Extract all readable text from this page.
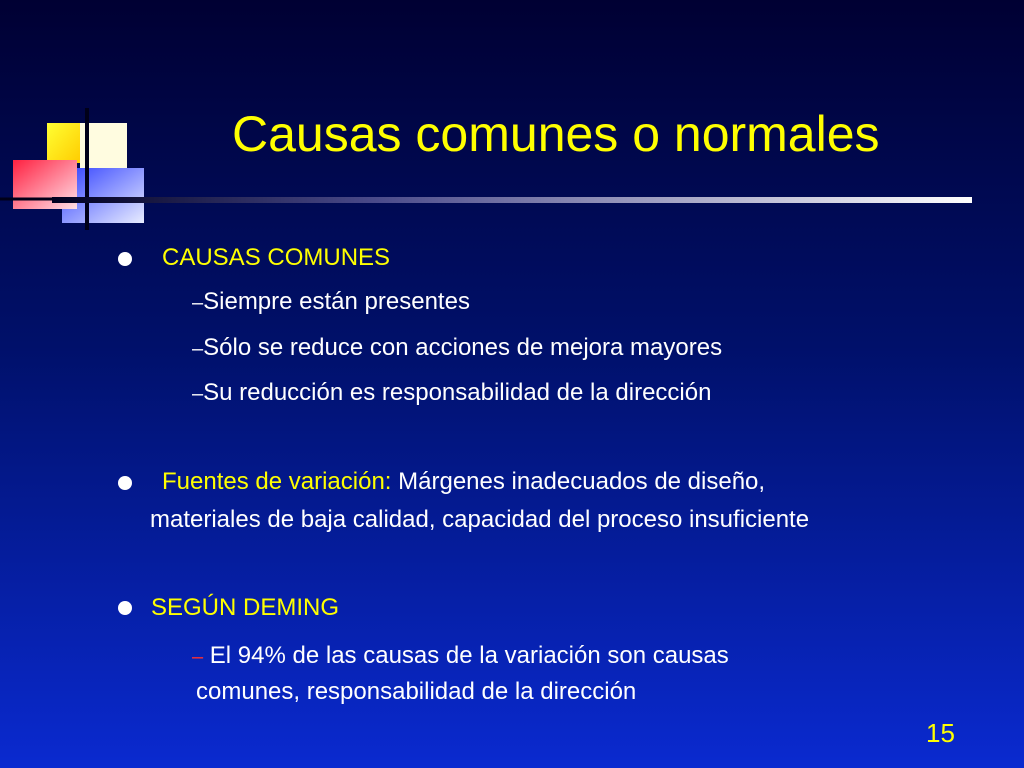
Causas comunes o normales
CAUSAS COMUNES
–Siempre están presentes
–Sólo se reduce con acciones de mejora mayores
–Su reducción es responsabilidad de la dirección
Fuentes de variación: Márgenes inadecuados de diseño,
materiales de baja calidad, capacidad del proceso insuficiente
SEGÚN DEMING
– El 94% de las causas de la variación son causas
comunes, responsabilidad de la dirección
15
